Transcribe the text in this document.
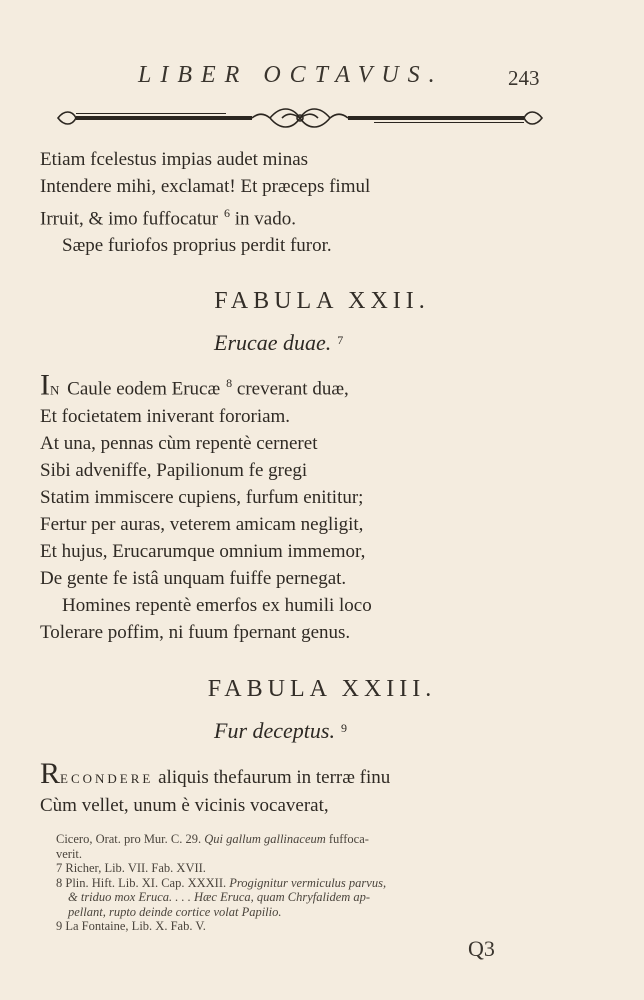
LIBER OCTAVUS.	243
Etiam fcelestus impias audet minas
Intendere mihi, exclamat! Et præceps fimul
Irruit, & imo fuffocatur $^6$ in vado.
Sæpe furiofos proprius perdit furor.
FABULA XXII.
Erucae duae. $^7$
IN Caule eodem Erucæ $^8$ creverant duæ,
Et focietatem iniverant fororiam.
At una, pennas cùm repentè cerneret
Sibi adveniffe, Papilionum fe gregi
Statim immiscere cupiens, furfum enititur;
Fertur per auras, veterem amicam negligit,
Et hujus, Erucarumque omnium immemor,
De gente fe istâ unquam fuiffe pernegat.
Homines repentè emerfos ex humili loco
Tolerare poffim, ni fuum fpernant genus.
FABULA XXIII.
Fur deceptus. $^9$
RECONDERE aliquis thefaurum in terræ finu
Cùm vellet, unum è vicinis vocaverat,
Cicero, Orat. pro Mur. C. 29. Qui gallum gallinaceum fuffoca-
verit.
7 Richer, Lib. VII. Fab. XVII.
8 Plin. Hift. Lib. XI. Cap. XXXII. Progignitur vermiculus parvus,
& triduo mox Eruca. . . . Hæc Eruca, quam Chryfalidem ap-
pellant, rupto deinde cortice volat Papilio.
9 La Fontaine, Lib. X. Fab. V.
Q3
